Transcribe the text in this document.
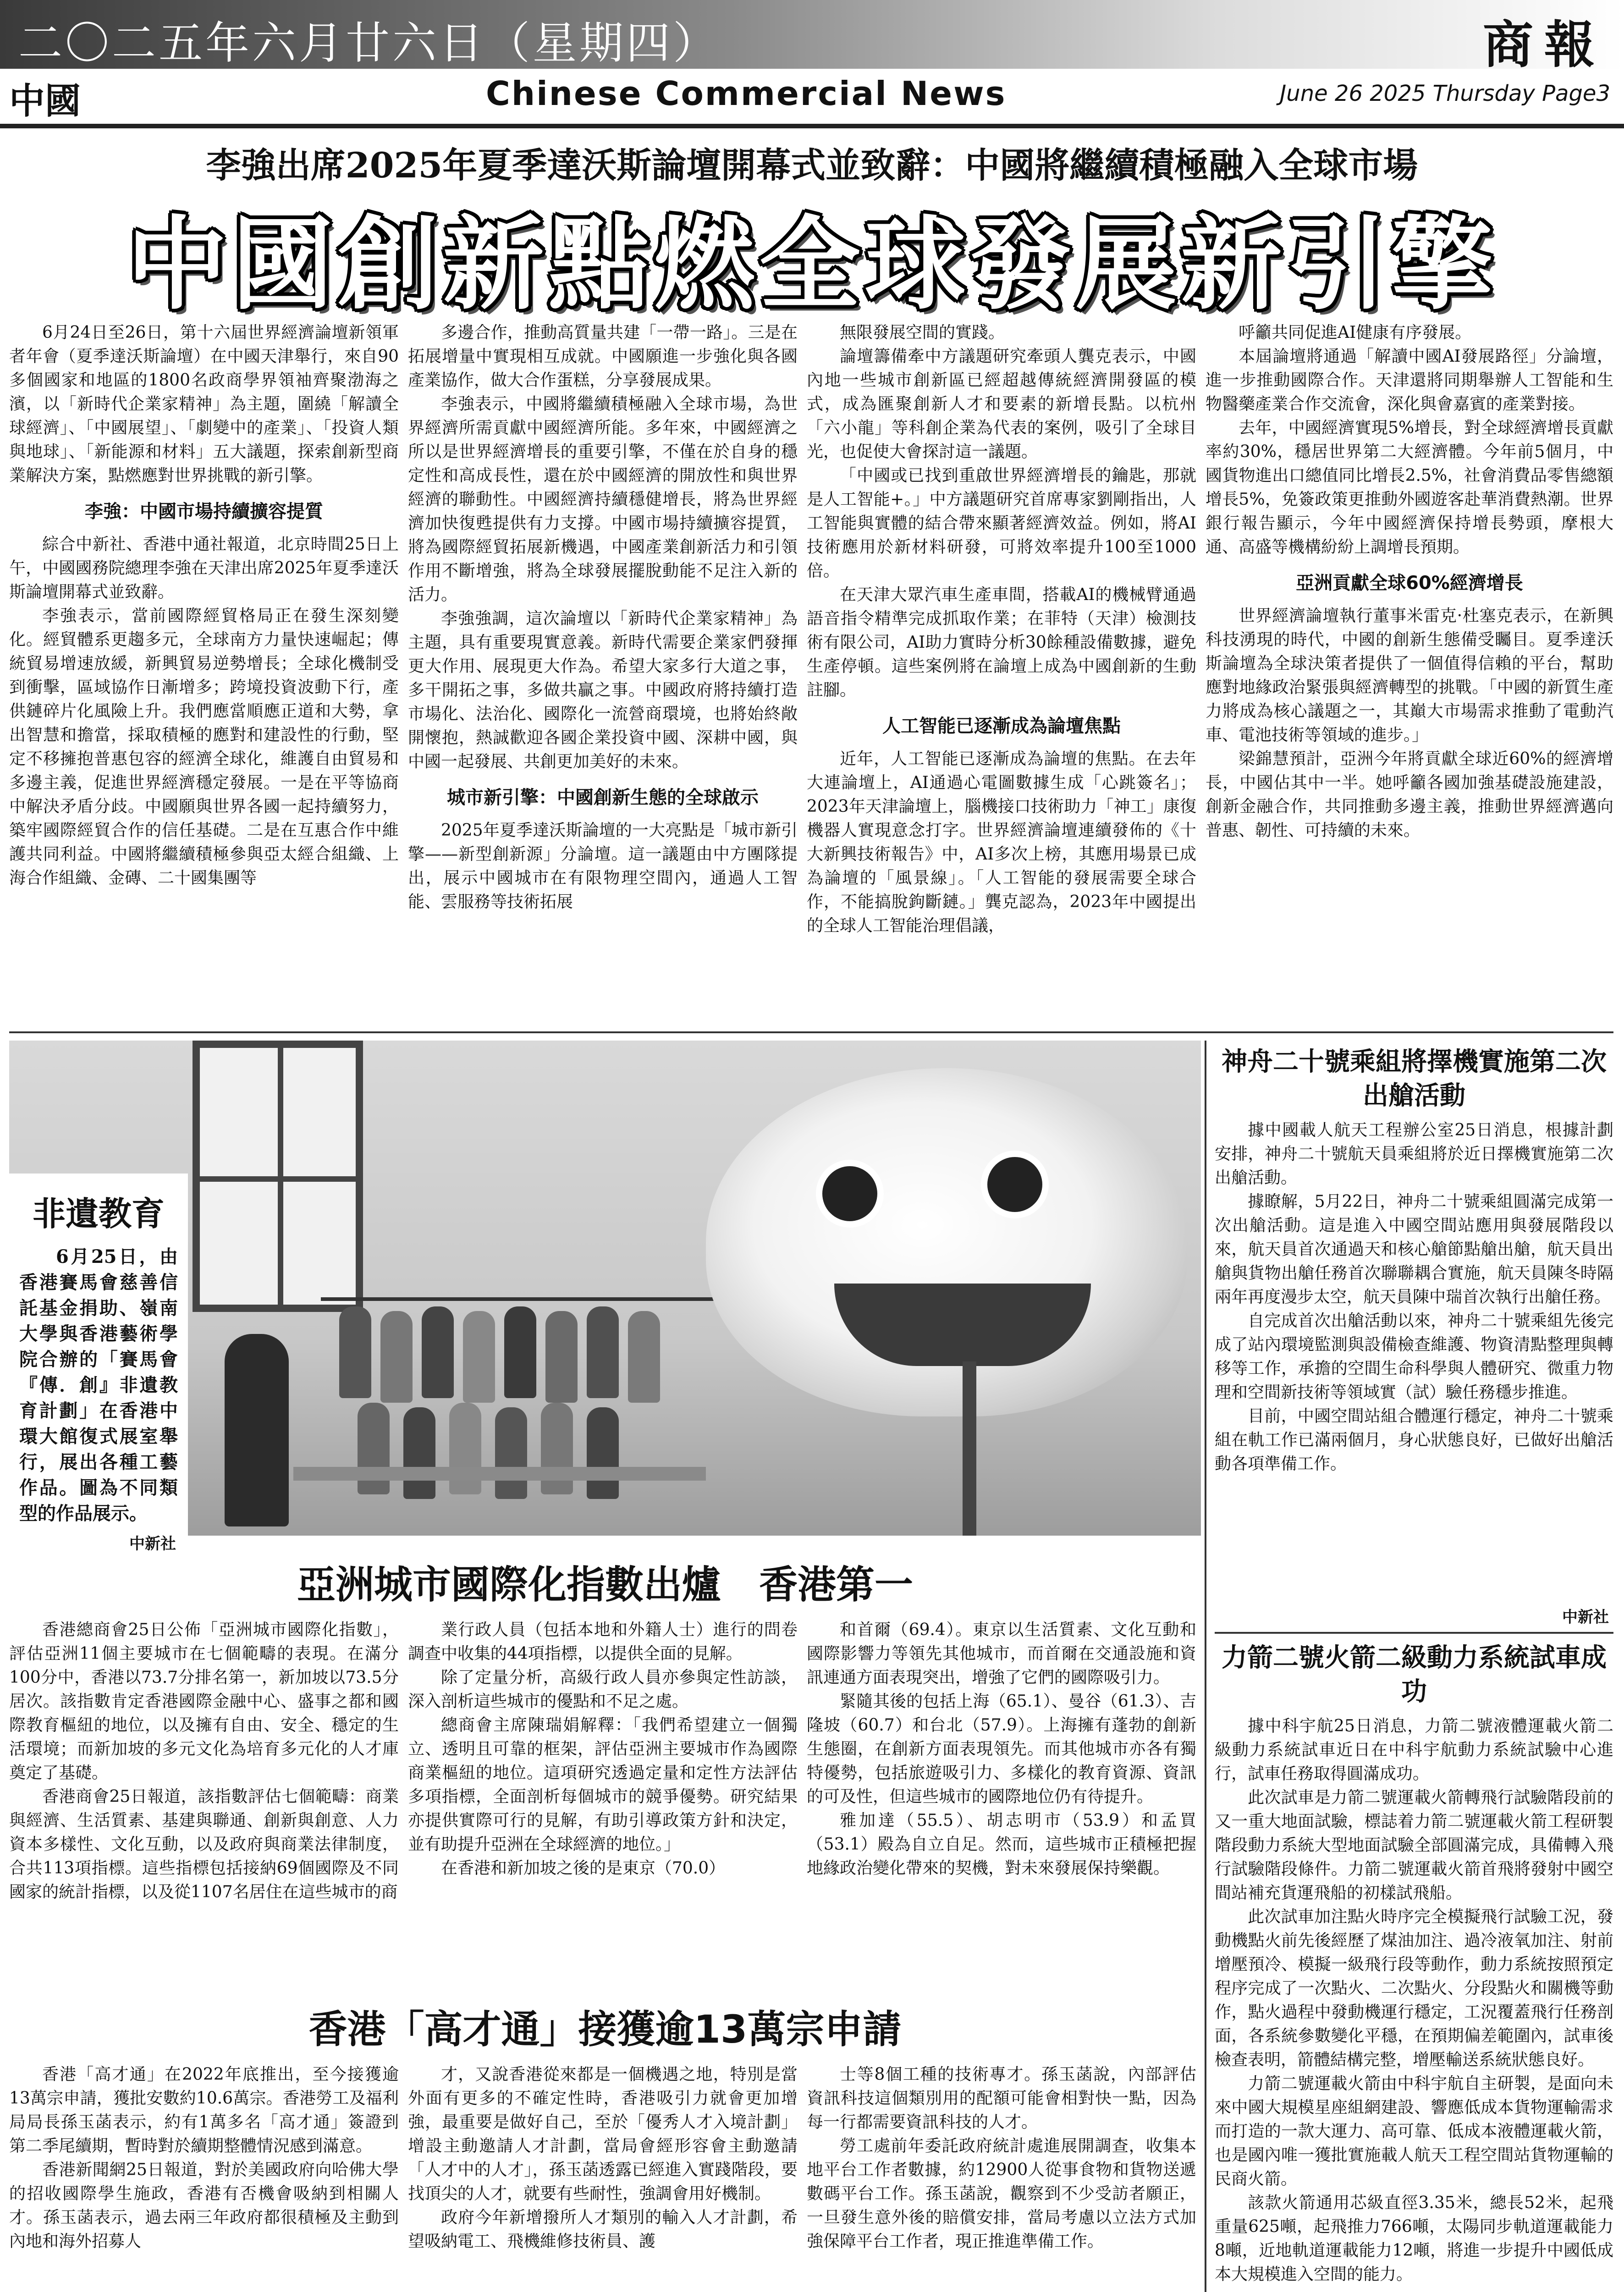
二〇二五年六月廿六日（星期四）	商報
中國	Chinese Commercial News	June 26 2025 Thursday Page3
李強出席2025年夏季達沃斯論壇開幕式並致辭：中國將繼續積極融入全球市場
中國創新點燃全球發展新引擎

6月24日至26日，第十六屆世界經濟論壇新領軍者年會（夏季達沃斯論壇）在中國天津舉行，來自90多個國家和地區的1800名政商學界領袖齊聚渤海之濱，以「新時代企業家精神」為主題，圍繞「解讀全球經濟」、「中國展望」、「劇變中的產業」、「投資人類與地球」、「新能源和材料」五大議題，探索創新型商業解決方案，點燃應對世界挑戰的新引擎。

李強：中國市場持續擴容提質

綜合中新社、香港中通社報道，北京時間25日上午，中國國務院總理李強在天津出席2025年夏季達沃斯論壇開幕式並致辭。

李強表示，當前國際經貿格局正在發生深刻變化。經貿體系更趨多元，全球南方力量快速崛起；傳統貿易增速放緩，新興貿易逆勢增長；全球化機制受到衝擊，區域協作日漸增多；跨境投資波動下行，產供鏈碎片化風險上升。我們應當順應正道和大勢，拿出智慧和擔當，採取積極的應對和建設性的行動，堅定不移擁抱普惠包容的經濟全球化，維護自由貿易和多邊主義，促進世界經濟穩定發展。一是在平等協商中解決矛盾分歧。中國願與世界各國一起持續努力，築牢國際經貿合作的信任基礎。二是在互惠合作中維護共同利益。中國將繼續積極參與亞太經合組織、上海合作組織、金磚、二十國集團等

多邊合作，推動高質量共建「一帶一路」。三是在拓展增量中實現相互成就。中國願進一步強化與各國產業協作，做大合作蛋糕，分享發展成果。

李強表示，中國將繼續積極融入全球市場，為世界經濟所需貢獻中國經濟所能。多年來，中國經濟之所以是世界經濟增長的重要引擎，不僅在於自身的穩定性和高成長性，還在於中國經濟的開放性和與世界經濟的聯動性。中國經濟持續穩健增長，將為世界經濟加快復甦提供有力支撐。中國市場持續擴容提質，將為國際經貿拓展新機遇，中國產業創新活力和引領作用不斷增強，將為全球發展擺脫動能不足注入新的活力。

李強強調，這次論壇以「新時代企業家精神」為主題，具有重要現實意義。新時代需要企業家們發揮更大作用、展現更大作為。希望大家多行大道之事，多干開拓之事，多做共贏之事。中國政府將持續打造市場化、法治化、國際化一流營商環境，也將始終敞開懷抱，熱誠歡迎各國企業投資中國、深耕中國，與中國一起發展、共創更加美好的未來。

城市新引擎：中國創新生態的全球啟示

2025年夏季達沃斯論壇的一大亮點是「城市新引擎——新型創新源」分論壇。這一議題由中方團隊提出，展示中國城市在有限物理空間內，通過人工智能、雲服務等技術拓展

無限發展空間的實踐。

論壇籌備牽中方議題研究牽頭人龔克表示，中國內地一些城市創新區已經超越傳統經濟開發區的模式，成為匯聚創新人才和要素的新增長點。以杭州「六小龍」等科創企業為代表的案例，吸引了全球目光，也促使大會探討這一議題。

「中國或已找到重啟世界經濟增長的鑰匙，那就是人工智能+。」中方議題研究首席專家劉剛指出，人工智能與實體的結合帶來顯著經濟效益。例如，將AI技術應用於新材料研發，可將效率提升100至1000倍。

在天津大眾汽車生產車間，搭載AI的機械臂通過語音指令精準完成抓取作業；在菲特（天津）檢測技術有限公司，AI助力實時分析30餘種設備數據，避免生產停頓。這些案例將在論壇上成為中國創新的生動註腳。

人工智能已逐漸成為論壇焦點

近年，人工智能已逐漸成為論壇的焦點。在去年大連論壇上，AI通過心電圖數據生成「心跳簽名」；2023年天津論壇上，腦機接口技術助力「神工」康復機器人實現意念打字。世界經濟論壇連續發佈的《十大新興技術報告》中，AI多次上榜，其應用場景已成為論壇的「風景線」。「人工智能的發展需要全球合作，不能搞脫鉤斷鏈。」龔克認為，2023年中國提出的全球人工智能治理倡議，

呼籲共同促進AI健康有序發展。

本屆論壇將通過「解讀中國AI發展路徑」分論壇，進一步推動國際合作。天津還將同期舉辦人工智能和生物醫藥產業合作交流會，深化與會嘉賓的產業對接。

去年，中國經濟實現5%增長，對全球經濟增長貢獻率約30%，穩居世界第二大經濟體。今年前5個月，中國貨物進出口總值同比增長2.5%，社會消費品零售總額增長5%，免簽政策更推動外國遊客赴華消費熱潮。世界銀行報告顯示，今年中國經濟保持增長勢頭，摩根大通、高盛等機構紛紛上調增長預期。

亞洲貢獻全球60%經濟增長

世界經濟論壇執行董事米雷克·杜塞克表示，在新興科技湧現的時代，中國的創新生態備受矚目。夏季達沃斯論壇為全球決策者提供了一個值得信賴的平台，幫助應對地緣政治緊張與經濟轉型的挑戰。「中國的新質生產力將成為核心議題之一，其巔大市場需求推動了電動汽車、電池技術等領域的進步。」

梁錦慧預計，亞洲今年將貢獻全球近60%的經濟增長，中國佔其中一半。她呼籲各國加強基礎設施建設，創新金融合作，共同推動多邊主義，推動世界經濟邁向普惠、韌性、可持續的未來。

非遺教育
6月25日，由香港賽馬會慈善信託基金捐助、嶺南大學與香港藝術學院合辦的「賽馬會『傳．創』非遺教育計劃」在香港中環大館復式展室舉行，展出各種工藝作品。圖為不同類型的作品展示。
中新社
神舟二十號乘組將擇機實施第二次出艙活動

據中國載人航天工程辦公室25日消息，根據計劃安排，神舟二十號航天員乘組將於近日擇機實施第二次出艙活動。

據瞭解，5月22日，神舟二十號乘組圓滿完成第一次出艙活動。這是進入中國空間站應用與發展階段以來，航天員首次通過天和核心艙節點艙出艙，航天員出艙與貨物出艙任務首次聯聯耦合實施，航天員陳冬時隔兩年再度漫步太空，航天員陳中瑞首次執行出艙任務。

自完成首次出艙活動以來，神舟二十號乘組先後完成了站內環境監測與設備檢查維護、物資清點整理與轉移等工作，承擔的空間生命科學與人體研究、微重力物理和空間新技術等領域實（試）驗任務穩步推進。

目前，中國空間站組合體運行穩定，神舟二十號乘組在軌工作已滿兩個月，身心狀態良好，已做好出艙活動各項準備工作。

中新社
力箭二號火箭二級動力系統試車成功

據中科宇航25日消息，力箭二號液體運載火箭二級動力系統試車近日在中科宇航動力系統試驗中心進行，試車任務取得圓滿成功。

此次試車是力箭二號運載火箭轉飛行試驗階段前的又一重大地面試驗，標誌着力箭二號運載火箭工程研製階段動力系統大型地面試驗全部圓滿完成，具備轉入飛行試驗階段條件。力箭二號運載火箭首飛將發射中國空間站補充貨運飛船的初樣試飛船。

此次試車加注點火時序完全模擬飛行試驗工況，發動機點火前先後經歷了煤油加注、過冷液氧加注、射前增壓預冷、模擬一級飛行段等動作，動力系統按照預定程序完成了一次點火、二次點火、分段點火和關機等動作，點火過程中發動機運行穩定，工況覆蓋飛行任務剖面，各系統參數變化平穩，在預期偏差範圍內，試車後檢查表明，箭體結構完整，增壓輸送系統狀態良好。

力箭二號運載火箭由中科宇航自主研製，是面向未來中國大規模星座組網建設、響應低成本貨物運輸需求而打造的一款大運力、高可靠、低成本液體運載火箭，也是國內唯一獲批實施載人航天工程空間站貨物運輸的民商火箭。

該款火箭通用芯級直徑3.35米，總長52米，起飛重量625噸，起飛推力766噸，太陽同步軌道運載能力8噸，近地軌道運載能力12噸，將進一步提升中國低成本大規模進入空間的能力。

亞洲城市國際化指數出爐　香港第一

香港總商會25日公佈「亞洲城市國際化指數」，評估亞洲11個主要城市在七個範疇的表現。在滿分100分中，香港以73.7分排名第一，新加坡以73.5分居次。該指數肯定香港國際金融中心、盛事之都和國際教育樞紐的地位，以及擁有自由、安全、穩定的生活環境；而新加坡的多元文化為培育多元化的人才庫奠定了基礎。

香港商會25日報道，該指數評估七個範疇：商業與經濟、生活質素、基建與聯通、創新與創意、人力資本多樣性、文化互動，以及政府與商業法律制度，合共113項指標。這些指標包括接納69個國際及不同國家的統計指標，以及從1107名居住在這些城市的商

業行政人員（包括本地和外籍人士）進行的問卷調查中收集的44項指標，以提供全面的見解。

除了定量分析，高級行政人員亦參與定性訪談，深入剖析這些城市的優點和不足之處。

總商會主席陳瑞娟解釋：「我們希望建立一個獨立、透明且可靠的框架，評估亞洲主要城市作為國際商業樞紐的地位。這項研究透過定量和定性方法評估多項指標，全面剖析每個城市的競爭優勢。研究結果亦提供實際可行的見解，有助引導政策方針和決定，並有助提升亞洲在全球經濟的地位。」

在香港和新加坡之後的是東京（70.0）

和首爾（69.4）。東京以生活質素、文化互動和國際影響力等領先其他城市，而首爾在交通設施和資訊連通方面表現突出，增強了它們的國際吸引力。

緊隨其後的包括上海（65.1）、曼谷（61.3）、吉隆坡（60.7）和台北（57.9）。上海擁有蓬勃的創新生態圈，在創新方面表現領先。而其他城市亦各有獨特優勢，包括旅遊吸引力、多樣化的教育資源、資訊的可及性，但這些城市的國際地位仍有待提升。

雅加達（55.5）、胡志明市（53.9）和孟買（53.1）殿為自立自足。然而，這些城市正積極把握地緣政治變化帶來的契機，對未來發展保持樂觀。

香港「高才通」接獲逾13萬宗申請

香港「高才通」在2022年底推出，至今接獲逾13萬宗申請，獲批安數約10.6萬宗。香港勞工及福利局局長孫玉菡表示，約有1萬多名「高才通」簽證到第二季尾續期，暫時對於續期整體情況感到滿意。

香港新聞網25日報道，對於美國政府向哈佛大學的招收國際學生施政，香港有否機會吸納到相關人才。孫玉菡表示，過去兩三年政府都很積極及主動到內地和海外招募人

才，又說香港從來都是一個機遇之地，特別是當外面有更多的不確定性時，香港吸引力就會更加增強，最重要是做好自己，至於「優秀人才入境計劃」增設主動邀請人才計劃，當局會經形容會主動邀請「人才中的人才」，孫玉菡透露已經進入實踐階段，要找頂尖的人才，就要有些耐性，強調會用好機制。

政府今年新增撥所人才類別的輸入人才計劃，希望吸納電工、飛機維修技術員、護

士等8個工種的技術專才。孫玉菡說，內部評估資訊科技這個類別用的配額可能會相對快一點，因為每一行都需要資訊科技的人才。

勞工處前年委託政府統計處進展開調查，收集本地平台工作者數據，約12900人從事食物和貨物送遞數碼平台工作。孫玉菡說，觀察到不少受訪者願正，一旦發生意外後的賠償安排，當局考慮以立法方式加強保障平台工作者，現正推進準備工作。
